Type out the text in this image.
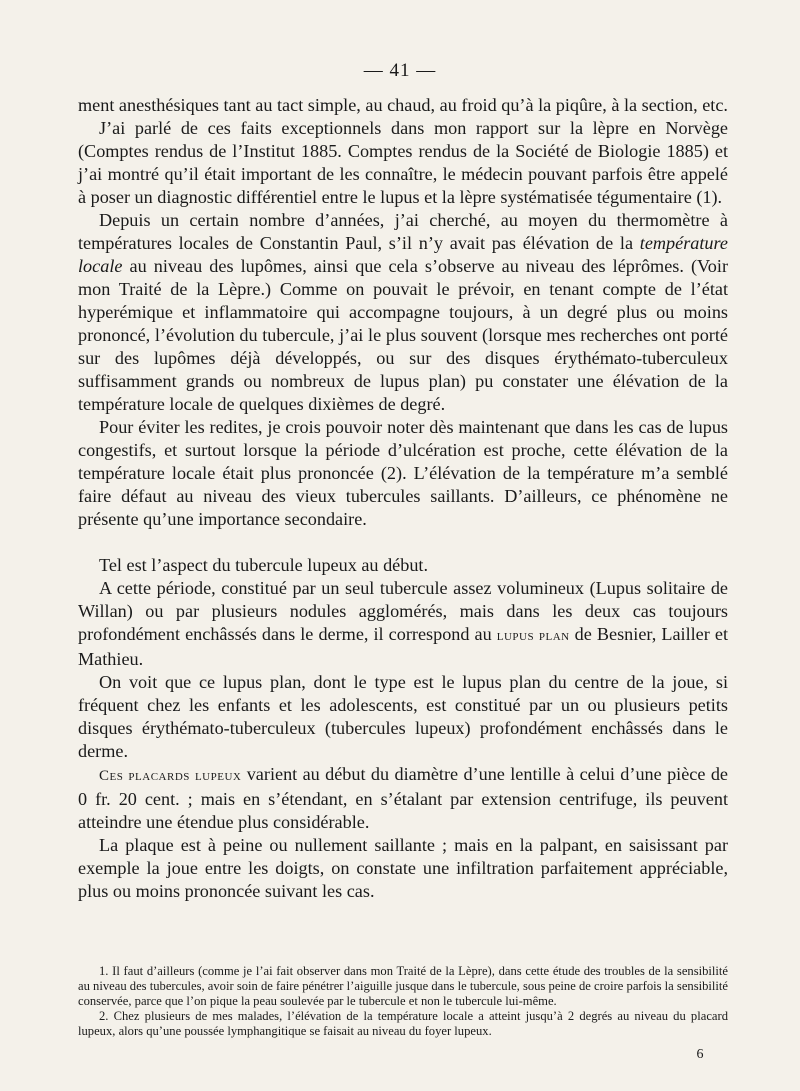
— 41 —

ment anesthésiques tant au tact simple, au chaud, au froid qu’à la piqûre, à la section, etc.

J’ai parlé de ces faits exceptionnels dans mon rapport sur la lèpre en Norvège (Comptes rendus de l’Institut 1885. Comptes rendus de la Société de Biologie 1885) et j’ai montré qu’il était important de les connaître, le médecin pouvant parfois être appelé à poser un diagnostic différentiel entre le lupus et la lèpre systématisée tégumentaire (1).

Depuis un certain nombre d’années, j’ai cherché, au moyen du thermomètre à températures locales de Constantin Paul, s’il n’y avait pas élévation de la température locale au niveau des lupômes, ainsi que cela s’observe au niveau des léprômes. (Voir mon Traité de la Lèpre.) Comme on pouvait le prévoir, en tenant compte de l’état hyperémique et inflammatoire qui accompagne toujours, à un degré plus ou moins prononcé, l’évolution du tubercule, j’ai le plus souvent (lorsque mes recherches ont porté sur des lupômes déjà développés, ou sur des disques érythémato-tuberculeux suffisamment grands ou nombreux de lupus plan) pu constater une élévation de la température locale de quelques dixièmes de degré.

Pour éviter les redites, je crois pouvoir noter dès maintenant que dans les cas de lupus congestifs, et surtout lorsque la période d’ulcération est proche, cette élévation de la température locale était plus prononcée (2). L’élévation de la température m’a semblé faire défaut au niveau des vieux tubercules saillants. D’ailleurs, ce phénomène ne présente qu’une importance secondaire.

Tel est l’aspect du tubercule lupeux au début.

A cette période, constitué par un seul tubercule assez volumineux (Lupus solitaire de Willan) ou par plusieurs nodules agglomérés, mais dans les deux cas toujours profondément enchâssés dans le derme, il correspond au lupus plan de Besnier, Lailler et Mathieu.

On voit que ce lupus plan, dont le type est le lupus plan du centre de la joue, si fréquent chez les enfants et les adolescents, est constitué par un ou plusieurs petits disques érythémato-tuberculeux (tubercules lupeux) profondément enchâssés dans le derme.

Ces placards lupeux varient au début du diamètre d’une lentille à celui d’une pièce de 0 fr. 20 cent. ; mais en s’étendant, en s’étalant par extension centrifuge, ils peuvent atteindre une étendue plus considérable.

La plaque est à peine ou nullement saillante ; mais en la palpant, en saisissant par exemple la joue entre les doigts, on constate une infiltration parfaitement appréciable, plus ou moins prononcée suivant les cas.

1. Il faut d’ailleurs (comme je l’ai fait observer dans mon Traité de la Lèpre), dans cette étude des troubles de la sensibilité au niveau des tubercules, avoir soin de faire pénétrer l’aiguille jusque dans le tubercule, sous peine de croire parfois la sensibilité conservée, parce que l’on pique la peau soulevée par le tubercule et non le tubercule lui-même.

2. Chez plusieurs de mes malades, l’élévation de la température locale a atteint jusqu’à 2 degrés au niveau du placard lupeux, alors qu’une poussée lymphangitique se faisait au niveau du foyer lupeux.

6
